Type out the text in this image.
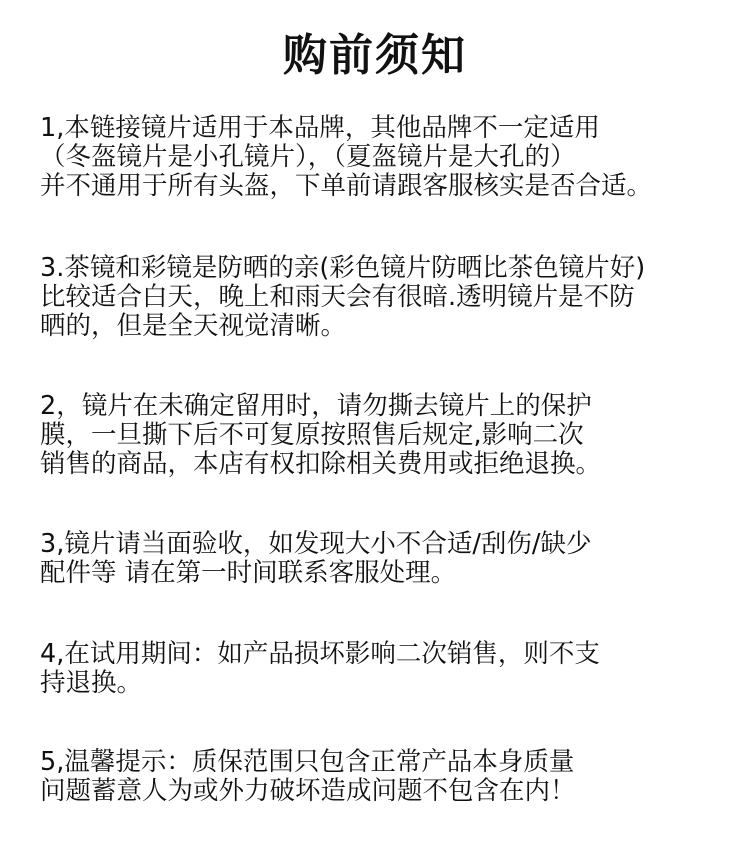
购前须知
1,本链接镜片适用于本品牌，其他品牌不一定适用
（冬盔镜片是小孔镜片），（夏盔镜片是大孔的）
并不通用于所有头盔，下单前请跟客服核实是否合适。
3.茶镜和彩镜是防晒的亲(彩色镜片防晒比茶色镜片好)
比较适合白天，晚上和雨天会有很暗.透明镜片是不防
晒的，但是全天视觉清晰。
2，镜片在未确定留用时，请勿撕去镜片上的保护
膜，一旦撕下后不可复原按照售后规定,影响二次
销售的商品，本店有权扣除相关费用或拒绝退换。
3,镜片请当面验收，如发现大小不合适/刮伤/缺少
配件等 请在第一时间联系客服处理。
4,在试用期间：如产品损坏影响二次销售，则不支
持退换。
5,温馨提示：质保范围只包含正常产品本身质量
问题蓄意人为或外力破坏造成问题不包含在内！
